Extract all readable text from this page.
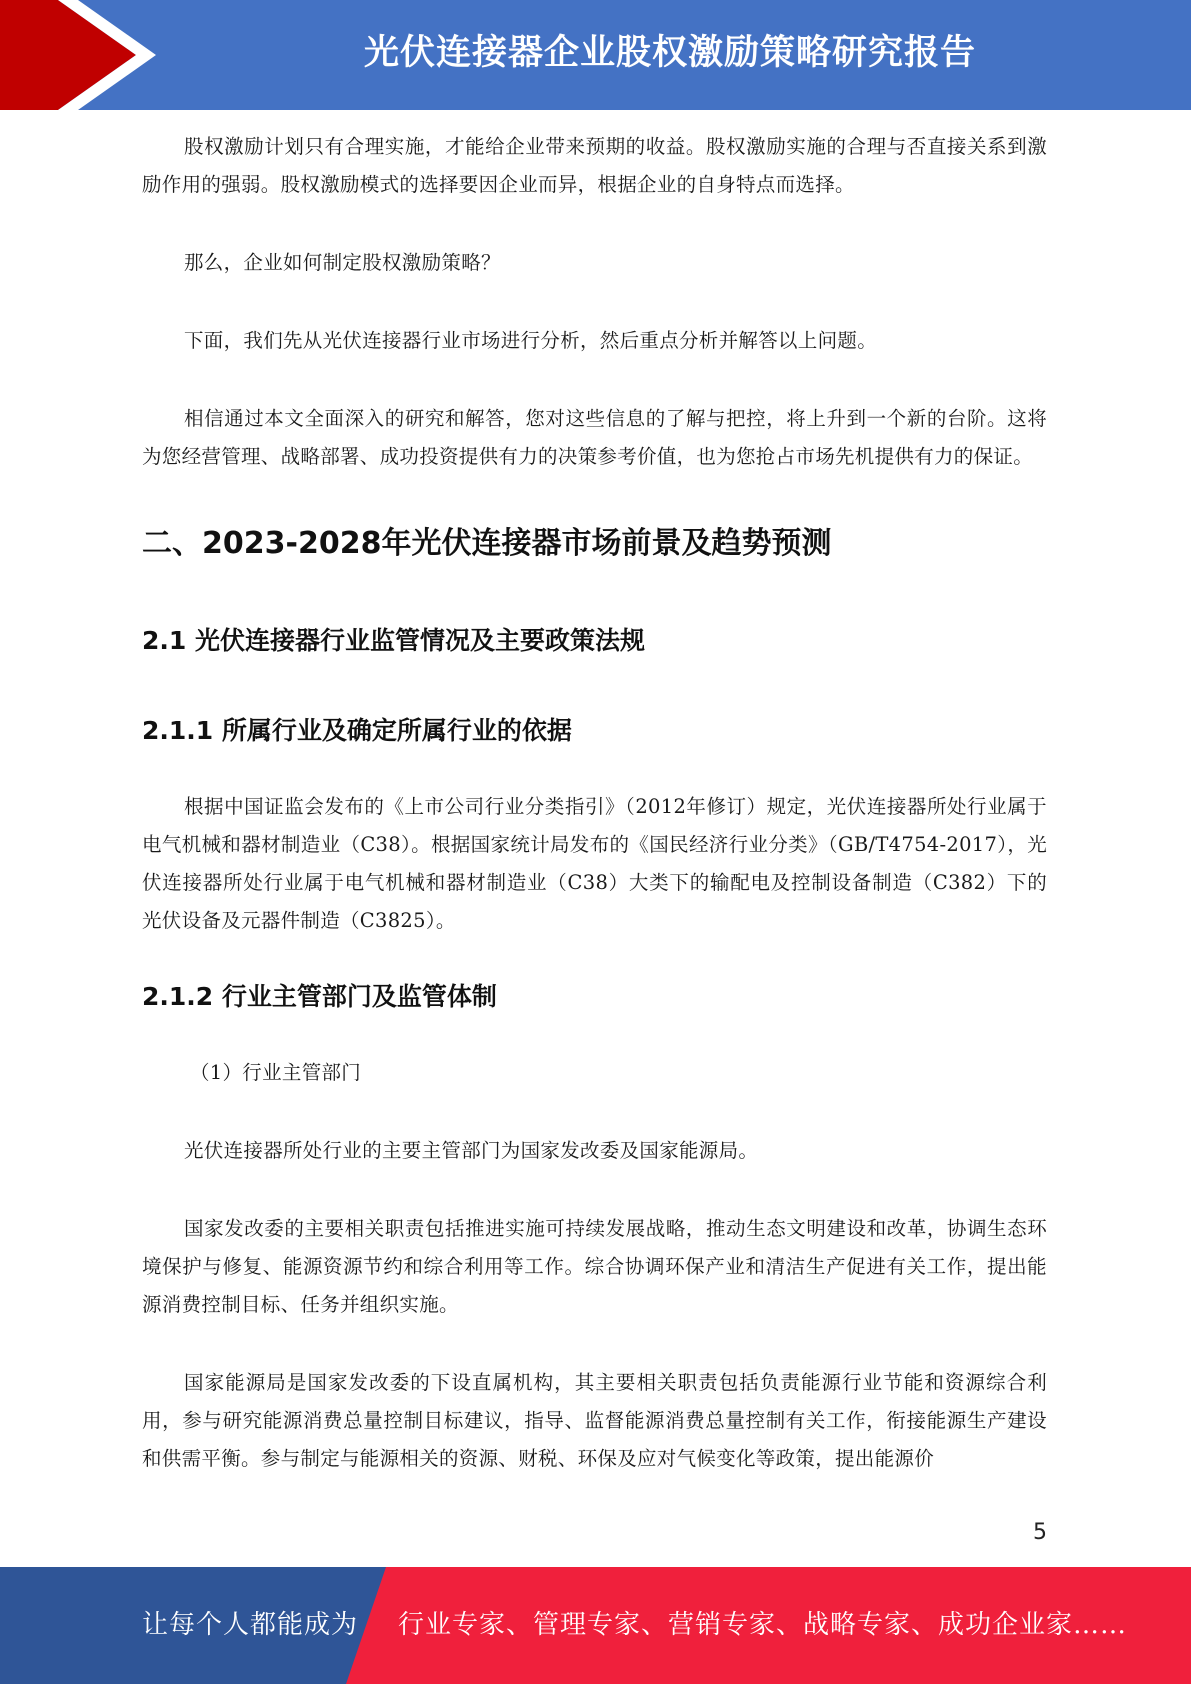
光伏连接器企业股权激励策略研究报告

股权激励计划只有合理实施，才能给企业带来预期的收益。股权激励实施的合理与否直接关系到激励作用的强弱。股权激励模式的选择要因企业而异，根据企业的自身特点而选择。

那么，企业如何制定股权激励策略？

下面，我们先从光伏连接器行业市场进行分析，然后重点分析并解答以上问题。

相信通过本文全面深入的研究和解答，您对这些信息的了解与把控，将上升到一个新的台阶。这将为您经营管理、战略部署、成功投资提供有力的决策参考价值，也为您抢占市场先机提供有力的保证。

二、2023-2028年光伏连接器市场前景及趋势预测
2.1 光伏连接器行业监管情况及主要政策法规
2.1.1 所属行业及确定所属行业的依据

根据中国证监会发布的《上市公司行业分类指引》（2012年修订）规定，光伏连接器所处行业属于电气机械和器材制造业（C38）。根据国家统计局发布的《国民经济行业分类》（GB/T4754-2017），光伏连接器所处行业属于电气机械和器材制造业（C38）大类下的输配电及控制设备制造（C382）下的光伏设备及元器件制造（C3825）。

2.1.2 行业主管部门及监管体制

（1）行业主管部门

光伏连接器所处行业的主要主管部门为国家发改委及国家能源局。

国家发改委的主要相关职责包括推进实施可持续发展战略，推动生态文明建设和改革，协调生态环境保护与修复、能源资源节约和综合利用等工作。综合协调环保产业和清洁生产促进有关工作，提出能源消费控制目标、任务并组织实施。

国家能源局是国家发改委的下设直属机构，其主要相关职责包括负责能源行业节能和资源综合利用，参与研究能源消费总量控制目标建议，指导、监督能源消费总量控制有关工作，衔接能源生产建设和供需平衡。参与制定与能源相关的资源、财税、环保及应对气候变化等政策，提出能源价

5
让每个人都能成为 行业专家、管理专家、营销专家、战略专家、成功企业家……
